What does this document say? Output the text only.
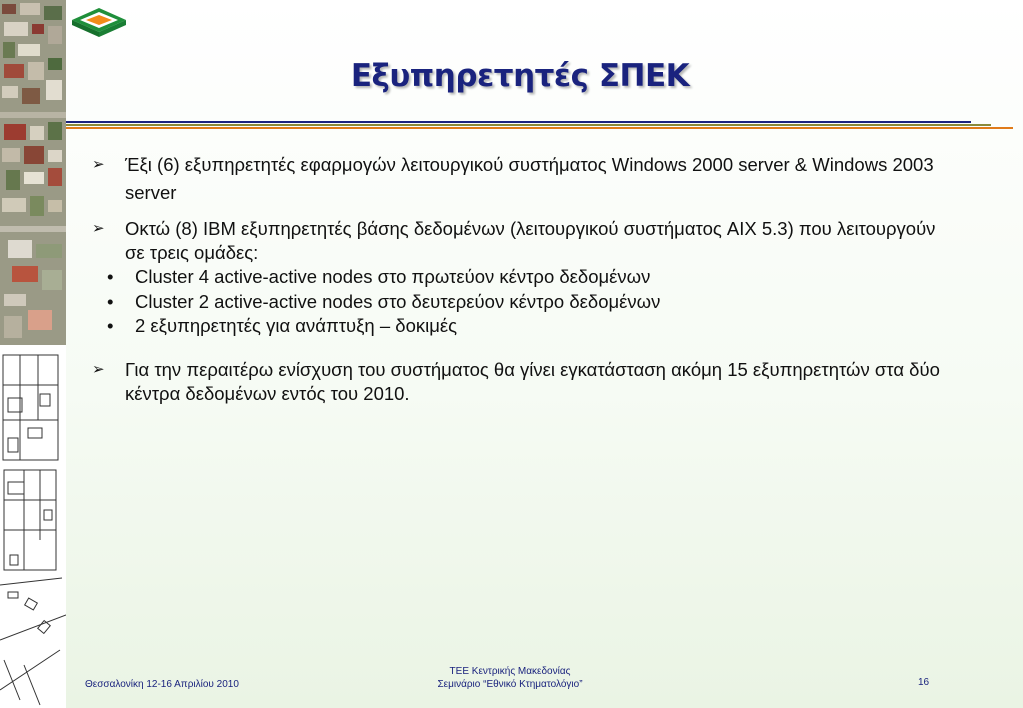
Εξυπηρετητές ΣΠΕΚ
➢ Έξι (6) εξυπηρετητές εφαρμογών λειτουργικού συστήματος Windows 2000 server & Windows 2003 server
➢ Οκτώ (8) IBM εξυπηρετητές βάσης δεδομένων (λειτουργικού συστήματος AIX 5.3) που λειτουργούν σε τρεις ομάδες:
• Cluster 4 active-active nodes στο πρωτεύον κέντρο δεδομένων
• Cluster 2 active-active nodes στο δευτερεύον κέντρο δεδομένων
• 2 εξυπηρετητές για ανάπτυξη – δοκιμές
➢ Για την περαιτέρω ενίσχυση του συστήματος θα γίνει εγκατάσταση ακόμη 15 εξυπηρετητών στα δύο κέντρα δεδομένων εντός του 2010.
Θεσσαλονίκη 12-16 Απριλίου 2010
ΤΕΕ Κεντρικής Μακεδονίας
Σεμινάριο “Εθνικό Κτηματολόγιο”	16
